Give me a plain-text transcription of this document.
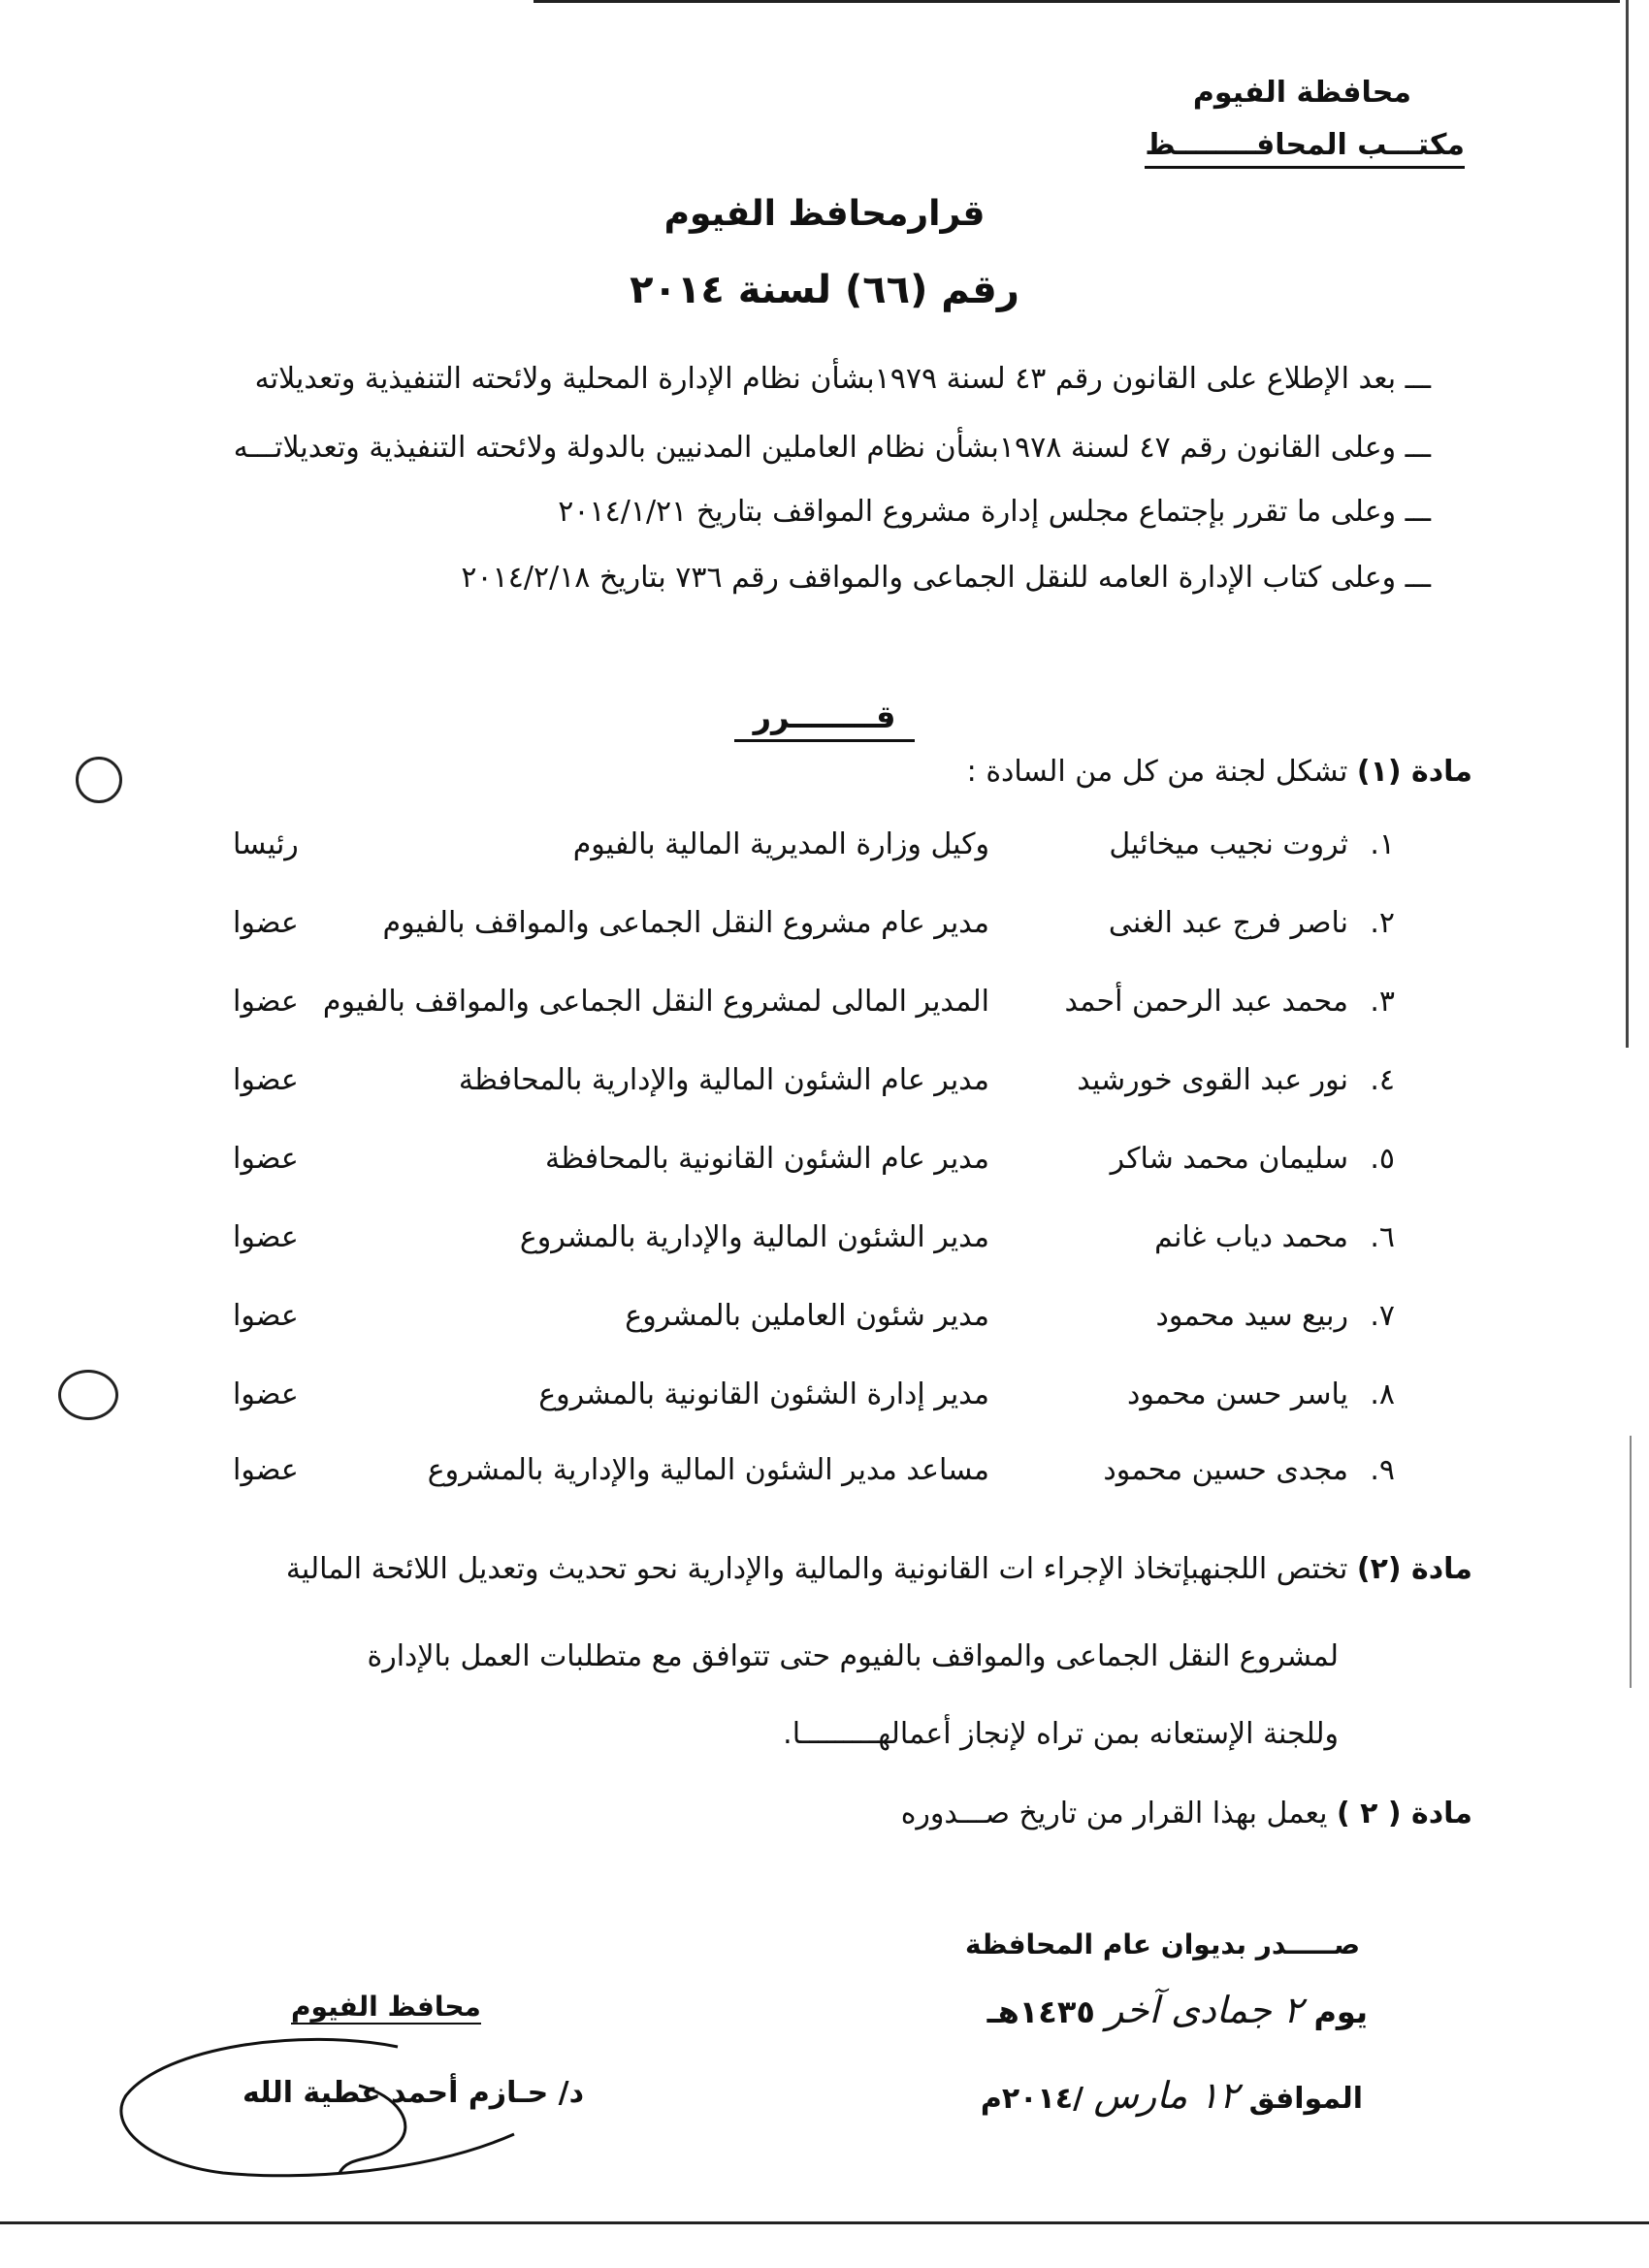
محافظة الفيوم
مكتـــب المحافــــــــظ
قرارمحافظ الفيوم
رقم (٦٦) لسنة ٢٠١٤
ـــ بعد الإطلاع على القانون رقم ٤٣ لسنة ١٩٧٩بشأن نظام الإدارة المحلية ولائحته التنفيذية وتعديلاته
ـــ وعلى القانون رقم ٤٧ لسنة ١٩٧٨بشأن نظام العاملين المدنيين بالدولة ولائحته التنفيذية وتعديلاتـــه
ـــ وعلى ما تقرر بإجتماع مجلس إدارة مشروع المواقف بتاريخ ٢٠١٤/١/٢١
ـــ وعلى كتاب الإدارة العامه للنقل الجماعى والمواقف رقم ٧٣٦ بتاريخ ٢٠١٤/٢/١٨
قــــــــرر
مادة (١) تشكل لجنة من كل من السادة :
١.
ثروت نجيب ميخائيل
وكيل وزارة المديرية المالية بالفيوم
رئيسا
٢.
ناصر فرج عبد الغنى
مدير عام مشروع النقل الجماعى والمواقف بالفيوم
عضوا
٣.
محمد عبد الرحمن أحمد
المدير المالى لمشروع النقل الجماعى والمواقف بالفيوم
عضوا
٤.
نور عبد القوى خورشيد
مدير عام الشئون المالية والإدارية بالمحافظة
عضوا
٥.
سليمان محمد شاكر
مدير عام الشئون القانونية بالمحافظة
عضوا
٦.
محمد دياب غانم
مدير الشئون المالية والإدارية بالمشروع
عضوا
٧.
ربيع سيد محمود
مدير شئون العاملين بالمشروع
عضوا
٨.
ياسر حسن محمود
مدير إدارة الشئون القانونية بالمشروع
عضوا
٩.
مجدى حسين محمود
مساعد مدير الشئون المالية والإدارية بالمشروع
عضوا
مادة (٢) تختص اللجنهبإتخاذ الإجراء ات القانونية والمالية والإدارية نحو تحديث وتعديل اللائحة المالية
لمشروع النقل الجماعى والمواقف بالفيوم حتى تتوافق مع متطلبات العمل بالإدارة
وللجنة الإستعانه بمن تراه لإنجاز أعمالهـــــــــا.
مادة ( ٢ ) يعمل بهذا القرار من تاريخ صـــدوره
صـــــدر بديوان عام المحافظة
يوم ٢ جمادى آخر ١٤٣٥هـ
الموافق ١٢ مارس /٢٠١٤م
محافظ الفيوم
د/ حـازم أحمد عطية الله
